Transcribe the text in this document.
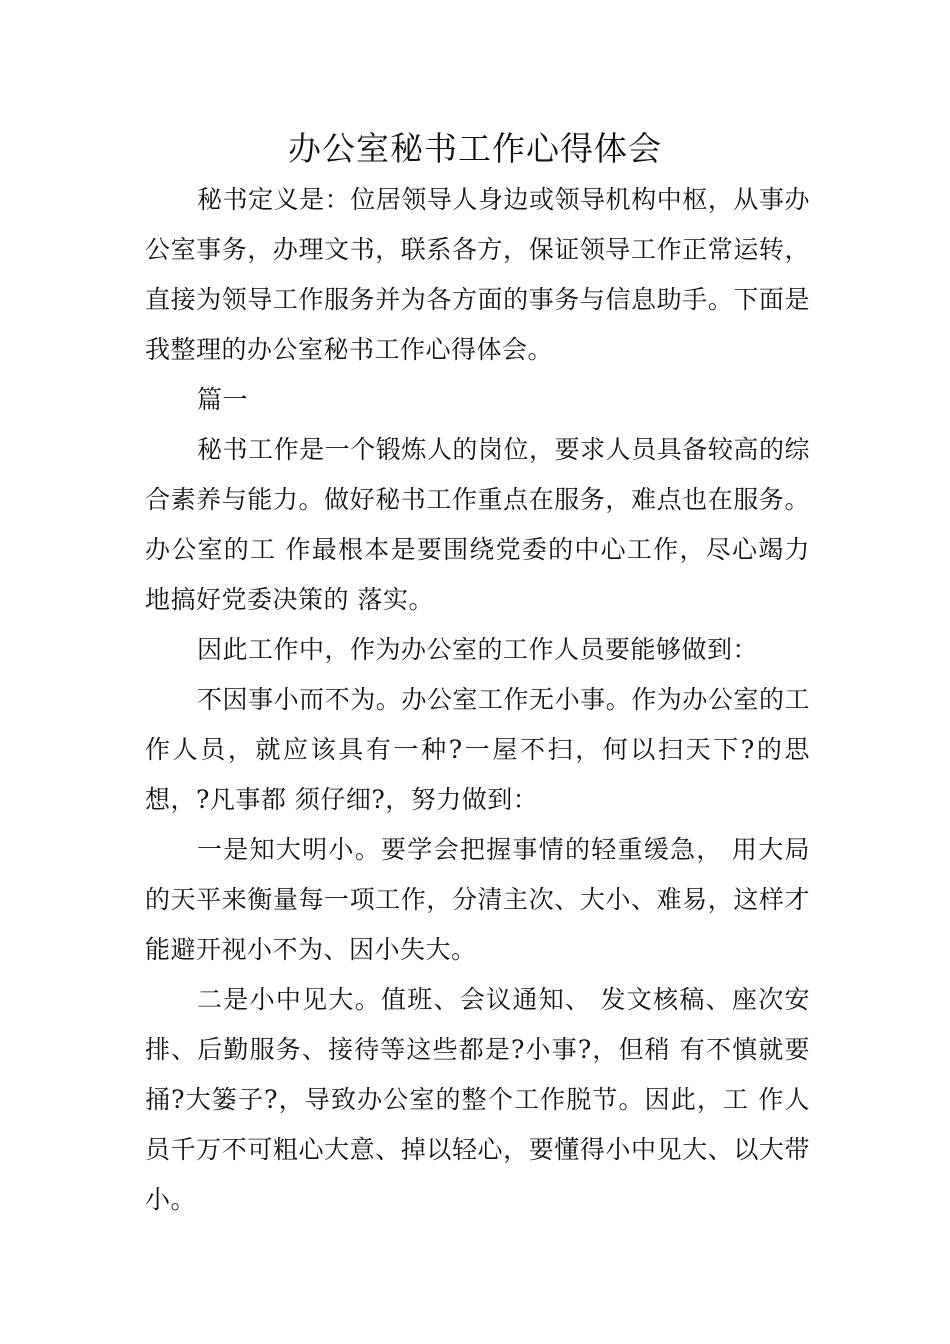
办公室秘书工作心得体会

秘书定义是：位居领导人身边或领导机构中枢，从事办公室事务，办理文书，联系各方，保证领导工作正常运转，直接为领导工作服务并为各方面的事务与信息助手。下面是我整理的办公室秘书工作心得体会。

篇一

秘书工作是一个锻炼人的岗位，要求人员具备较高的综合素养与能力。做好秘书工作重点在服务，难点也在服务。办公室的工 作最根本是要围绕党委的中心工作，尽心竭力地搞好党委决策的 落实。

因此工作中，作为办公室的工作人员要能够做到：

不因事小而不为。办公室工作无小事。作为办公室的工作人员，就应该具有一种?一屋不扫，何以扫天下?的思想，?凡事都 须仔细?，努力做到：

一是知大明小。要学会把握事情的轻重缓急， 用大局的天平来衡量每一项工作，分清主次、大小、难易，这样才能避开视小不为、因小失大。

二是小中见大。值班、会议通知、 发文核稿、座次安排、后勤服务、接待等这些都是?小事?，但稍 有不慎就要捅?大篓子?，导致办公室的整个工作脱节。因此，工 作人员千万不可粗心大意、掉以轻心，要懂得小中见大、以大带 小。
